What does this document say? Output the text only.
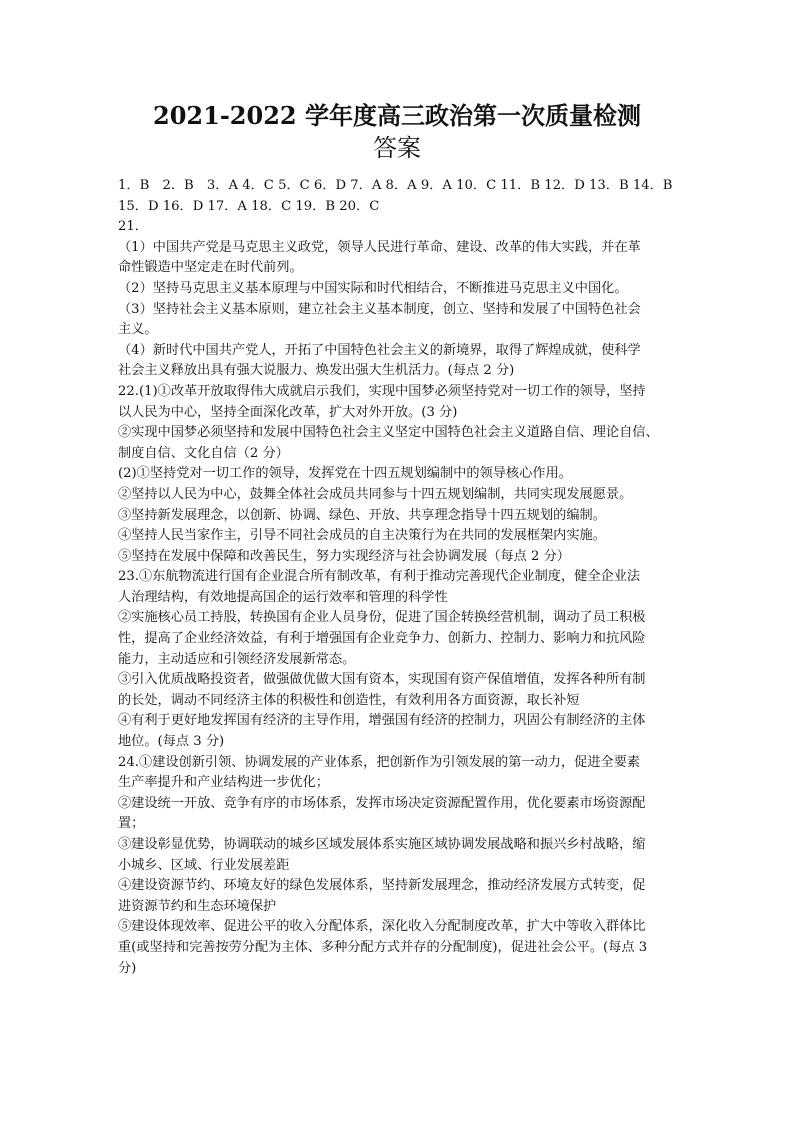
2021-2022 学年度高三政治第一次质量检测
答案
1．B　2．B　3．A 4．C 5．C 6．D 7．A 8．A 9．A 10．C 11．B 12．D 13．B 14．B
15．D 16．D 17．A 18．C 19．B 20．C
21．
（1）中国共产党是马克思主义政党，领导人民进行革命、建设、改革的伟大实践，并在革
命性锻造中坚定走在时代前列。
（2）坚持马克思主义基本原理与中国实际和时代相结合，不断推进马克思主义中国化。
（3）坚持社会主义基本原则，建立社会主义基本制度，创立、坚持和发展了中国特色社会
主义。
（4）新时代中国共产党人，开拓了中国特色社会主义的新境界，取得了辉煌成就，使科学
社会主义释放出具有强大说服力、焕发出强大生机活力。(每点 2 分)
22.(1)①改革开放取得伟大成就启示我们，实现中国梦必须坚持党对一切工作的领导，坚持
以人民为中心，坚持全面深化改革，扩大对外开放。(3 分)
②实现中国梦必须坚持和发展中国特色社会主义坚定中国特色社会主义道路自信、理论自信、
制度自信、文化自信（2 分）
(2)①坚持党对一切工作的领导，发挥党在十四五规划编制中的领导核心作用。
②坚持以人民为中心，鼓舞全体社会成员共同参与十四五规划编制，共同实现发展愿景。
③坚持新发展理念，以创新、协调、绿色、开放、共享理念指导十四五规划的编制。
④坚持人民当家作主，引导不同社会成员的自主决策行为在共同的发展框架内实施。
⑤坚持在发展中保障和改善民生，努力实现经济与社会协调发展（每点 2 分）
23.①东航物流进行国有企业混合所有制改革，有利于推动完善现代企业制度，健全企业法
人治理结构，有效地提高国企的运行效率和管理的科学性
②实施核心员工持股，转换国有企业人员身份，促进了国企转换经营机制，调动了员工积极
性，提高了企业经济效益，有利于增强国有企业竞争力、创新力、控制力、影响力和抗风险
能力，主动适应和引领经济发展新常态。
③引入优质战略投资者，做强做优做大国有资本，实现国有资产保值增值，发挥各种所有制
的长处，调动不同经济主体的积极性和创造性，有效利用各方面资源，取长补短
④有利于更好地发挥国有经济的主导作用，增强国有经济的控制力，巩固公有制经济的主体
地位。(每点 3 分)
24.①建设创新引领、协调发展的产业体系，把创新作为引领发展的第一动力，促进全要素
生产率提升和产业结构进一步优化；
②建设统一开放、竞争有序的市场体系，发挥市场决定资源配置作用，优化要素市场资源配
置；
③建设彰显优势，协调联动的城乡区域发展体系实施区域协调发展战略和振兴乡村战略，缩
小城乡、区域、行业发展差距
④建设资源节约、环境友好的绿色发展体系，坚持新发展理念，推动经济发展方式转变，促
进资源节约和生态环境保护
⑤建设体现效率、促进公平的收入分配体系，深化收入分配制度改革，扩大中等收入群体比
重(或坚持和完善按劳分配为主体、多种分配方式并存的分配制度)，促进社会公平。(每点 3
分)
